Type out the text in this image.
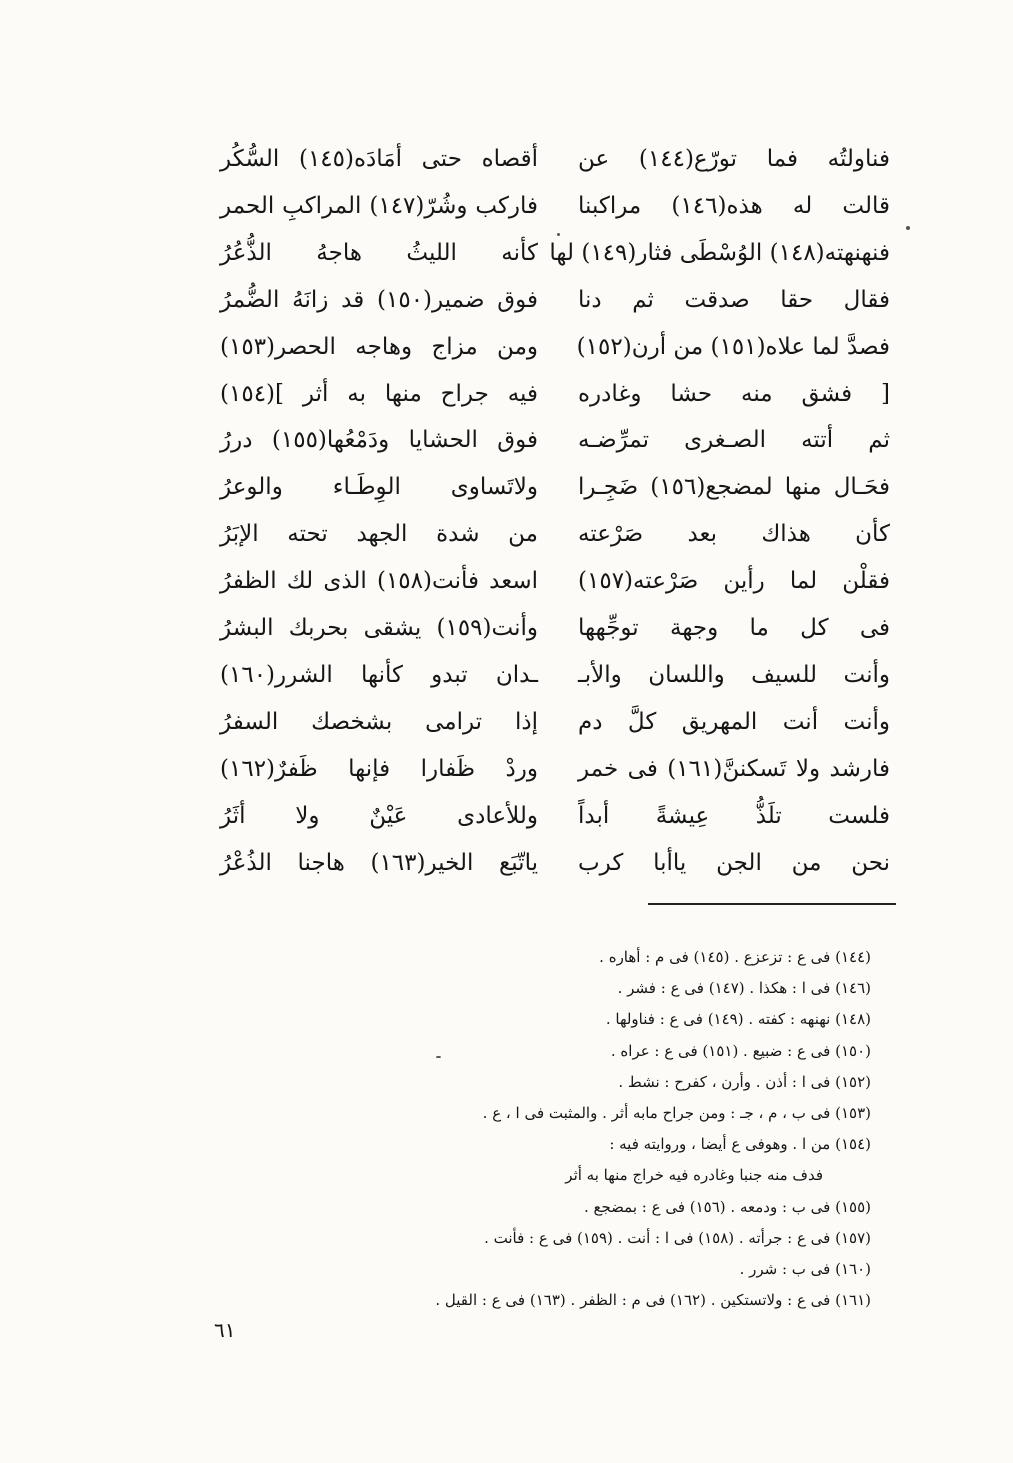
فناولتُه فما تورّع(١٤٤) عن
أقصاه حتى أمَادَه(١٤٥) السُّكُر
قالت له هذه(١٤٦) مراكبنا
فاركب وشُرّ(١٤٧) المراكبِ الحمر
فنهنهته(١٤٨) الوُسْطَى فثار(١٤٩) لها
كأنه الليثُ هاجهُ الذُّعُرُ
فقال حقا صدقت ثم دنا
فوق ضمير(١٥٠) قد زانَهُ الضُّمرُ
فصدَّ لما علاه(١٥١) من أرن(١٥٢)
ومن مزاج وهاجه الحصر(١٥٣)
[ فشق منه حشا وغادره
فيه جراح منها به أثر ](١٥٤)
ثم أتته الصـغرى تمرِّضـه
فوق الحشايا ودَمْعُها(١٥٥) دررُ
فحَـال منها لمضجع(١٥٦) ضَجِـرا
ولاتَساوى الوِطَـاء والوعرُ
كأن هذاك بعد صَرْعته
من شدة الجهد تحته الإبَرُ
فقلْن لما رأين صَرْعته(١٥٧)
اسعد فأنت(١٥٨) الذى لك الظفرُ
فى كل ما وجهة توجِّهها
وأنت(١٥٩) يشقى بحربك البشرُ
وأنت للسيف واللسان والأبـ
ـدان تبدو كأنها الشرر(١٦٠)
وأنت أنت المهريق كلَّ دم
إذا ترامى بشخصك السفرُ
فارشد ولا تَسكننَّ(١٦١) فى خمر
وردْ ظَفارا فإنها ظَفرٌ(١٦٢)
فلست تلَذُّ عِيشةً أبداً
وللأعادى عَيْنٌ ولا أثَرُ
نحن من الجن ياأبا كرب
ياتّبَع الخير(١٦٣) هاجنا الذُعْرُ
(١٤٤) فى ع : تزعزع . (١٤٥) فى م : أهاره .
(١٤٦) فى ا : هكذا . (١٤٧) فى ع : فشر .
(١٤٨) نهنهه : كفته . (١٤٩) فى ع : فناولها .
(١٥٠) فى ع : ضبيع . (١٥١) فى ع : عراه .
(١٥٢) فى ا : أذن . وأرن ، كفرح : نشط .
(١٥٣) فى ب ، م ، جـ : ومن جراح مابه أثر . والمثبت فى ا ، ع .
(١٥٤) من ا . وهوفى ع أيضا ، وروايته فيه :
فدف منه جنبا وغادره فيه خراج منها به أثر
(١٥٥) فى ب : ودمعه . (١٥٦) فى ع : بمضجع .
(١٥٧) فى ع : جرأته . (١٥٨) فى ا : أنت . (١٥٩) فى ع : فأنت .
(١٦٠) فى ب : شرر .
(١٦١) فى ع : ولاتستكين . (١٦٢) فى م : الظفر . (١٦٣) فى ع : القيل .
٦١
